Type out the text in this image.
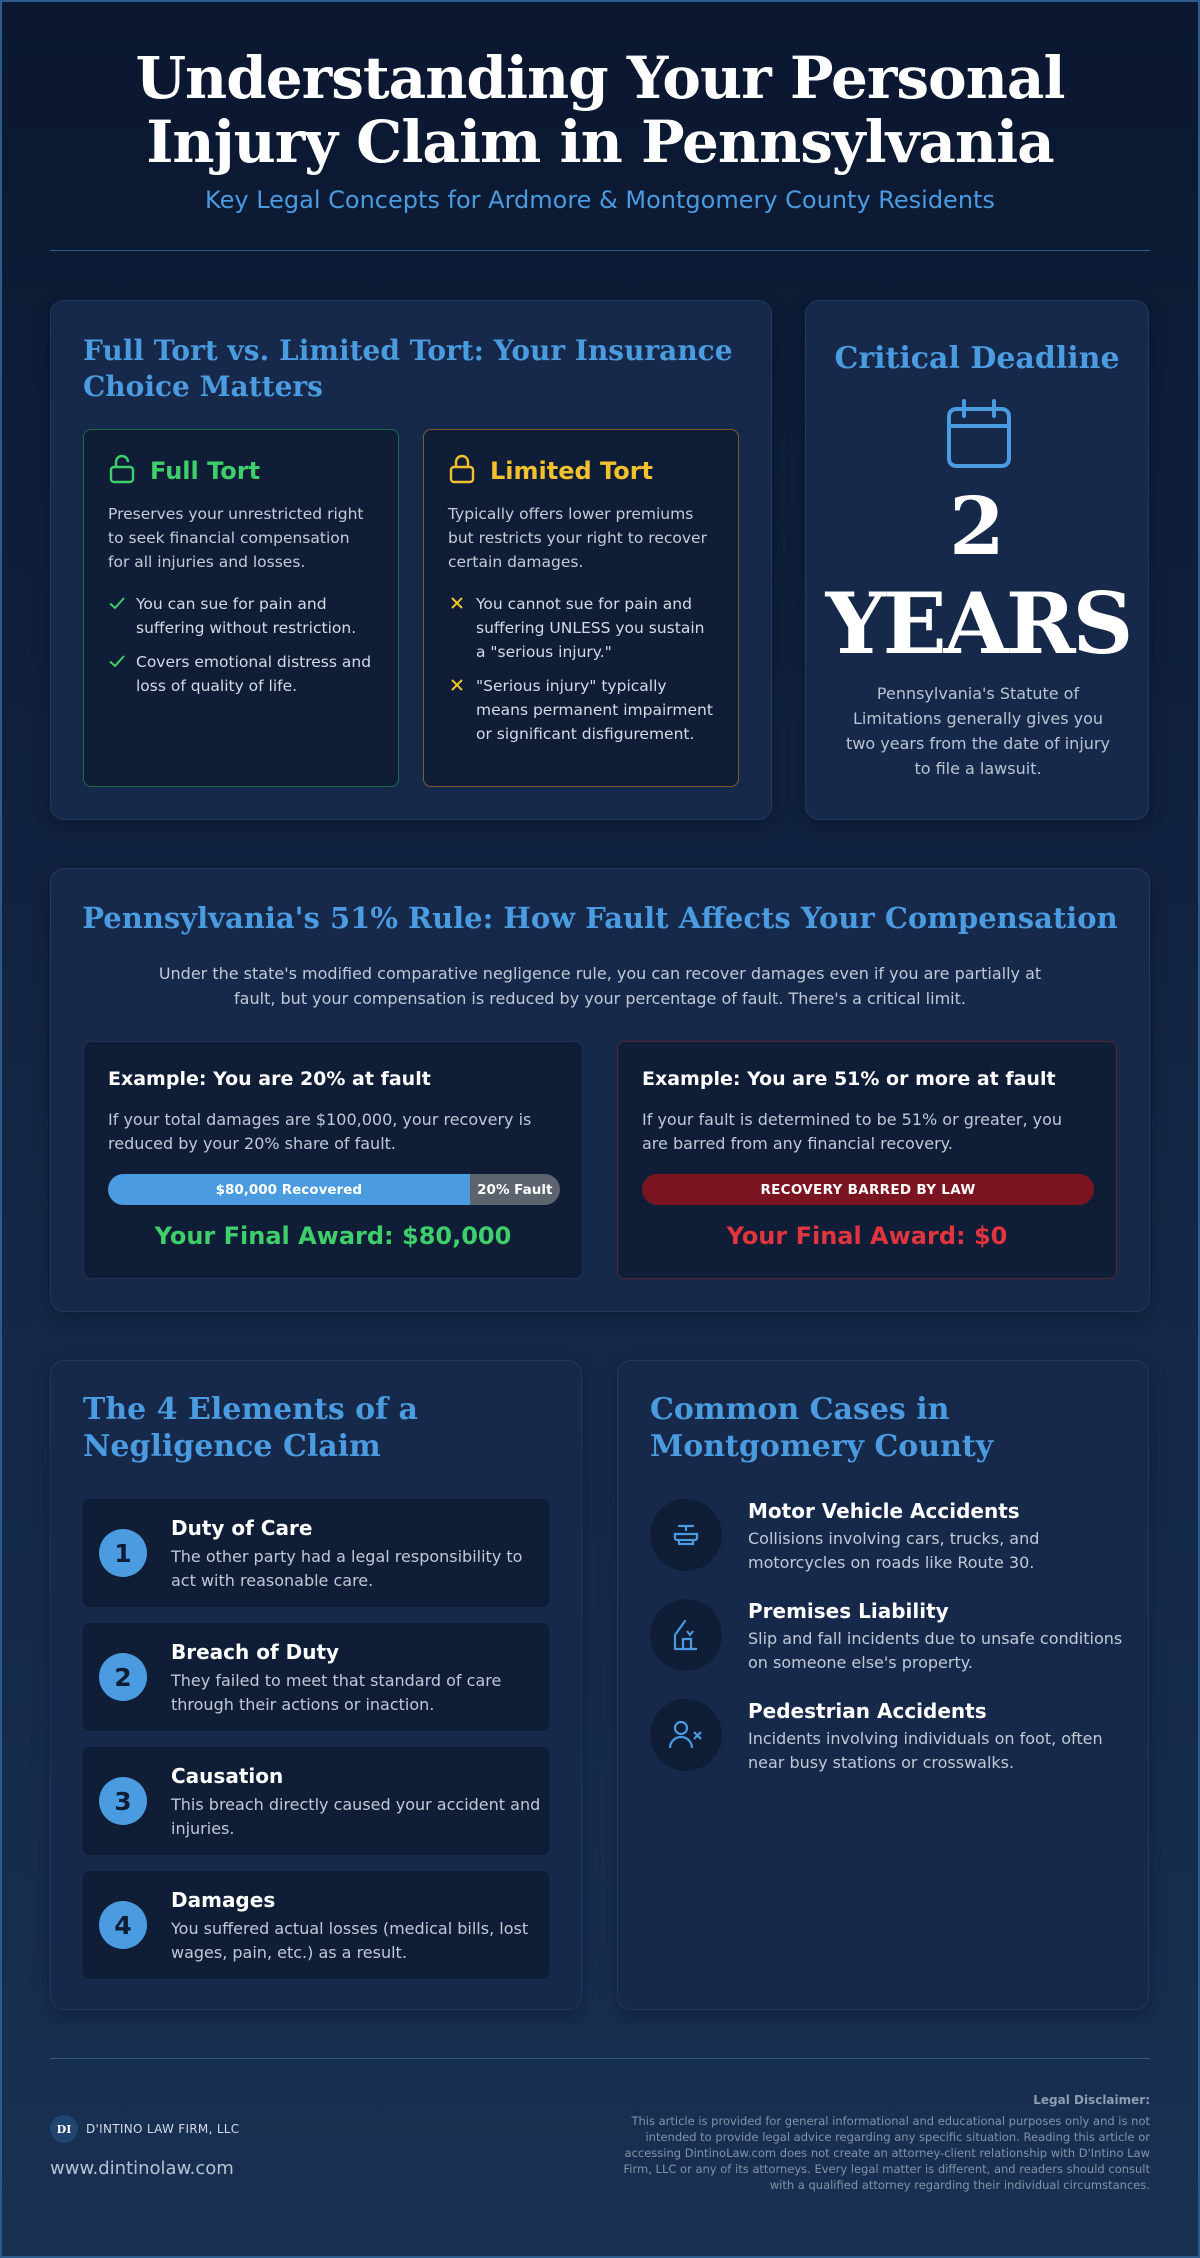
Understanding Your Personal Injury Claim in Pennsylvania
Key Legal Concepts for Ardmore & Montgomery County Residents
Full Tort vs. Limited Tort: Your Insurance Choice Matters
Full Tort

Preserves your unrestricted right to seek financial compensation for all injuries and losses.

You can sue for pain and suffering without restriction.
Covers emotional distress and loss of quality of life.
Limited Tort

Typically offers lower premiums but restricts your right to recover certain damages.

You cannot sue for pain and suffering UNLESS you sustain a "serious injury."
"Serious injury" typically means permanent impairment or significant disfigurement.
Critical Deadline
2
YEARS

Pennsylvania's Statute of Limitations generally gives you two years from the date of injury to file a lawsuit.

Pennsylvania's 51% Rule: How Fault Affects Your Compensation

Under the state's modified comparative negligence rule, you can recover damages even if you are partially at fault, but your compensation is reduced by your percentage of fault. There's a critical limit.

Example: You are 20% at fault

If your total damages are $100,000, your recovery is reduced by your 20% share of fault.

$80,000 Recovered	20% Fault
Your Final Award: $80,000
Example: You are 51% or more at fault

If your fault is determined to be 51% or greater, you are barred from any financial recovery.

RECOVERY BARRED BY LAW
Your Final Award: $0
The 4 Elements of a Negligence Claim
1
Duty of Care
The other party had a legal responsibility to act with reasonable care.
2
Breach of Duty
They failed to meet that standard of care through their actions or inaction.
3
Causation
This breach directly caused your accident and injuries.
4
Damages
You suffered actual losses (medical bills, lost wages, pain, etc.) as a result.
Common Cases in Montgomery County
Motor Vehicle Accidents
Collisions involving cars, trucks, and motorcycles on roads like Route 30.
Premises Liability
Slip and fall incidents due to unsafe conditions on someone else's property.
Pedestrian Accidents
Incidents involving individuals on foot, often near busy stations or crosswalks.
DI	D'INTINO LAW FIRM, LLC
www.dintinolaw.com
Legal Disclaimer:

This article is provided for general informational and educational purposes only and is not intended to provide legal advice regarding any specific situation. Reading this article or accessing DintinoLaw.com does not create an attorney-client relationship with D'Intino Law Firm, LLC or any of its attorneys. Every legal matter is different, and readers should consult with a qualified attorney regarding their individual circumstances.
